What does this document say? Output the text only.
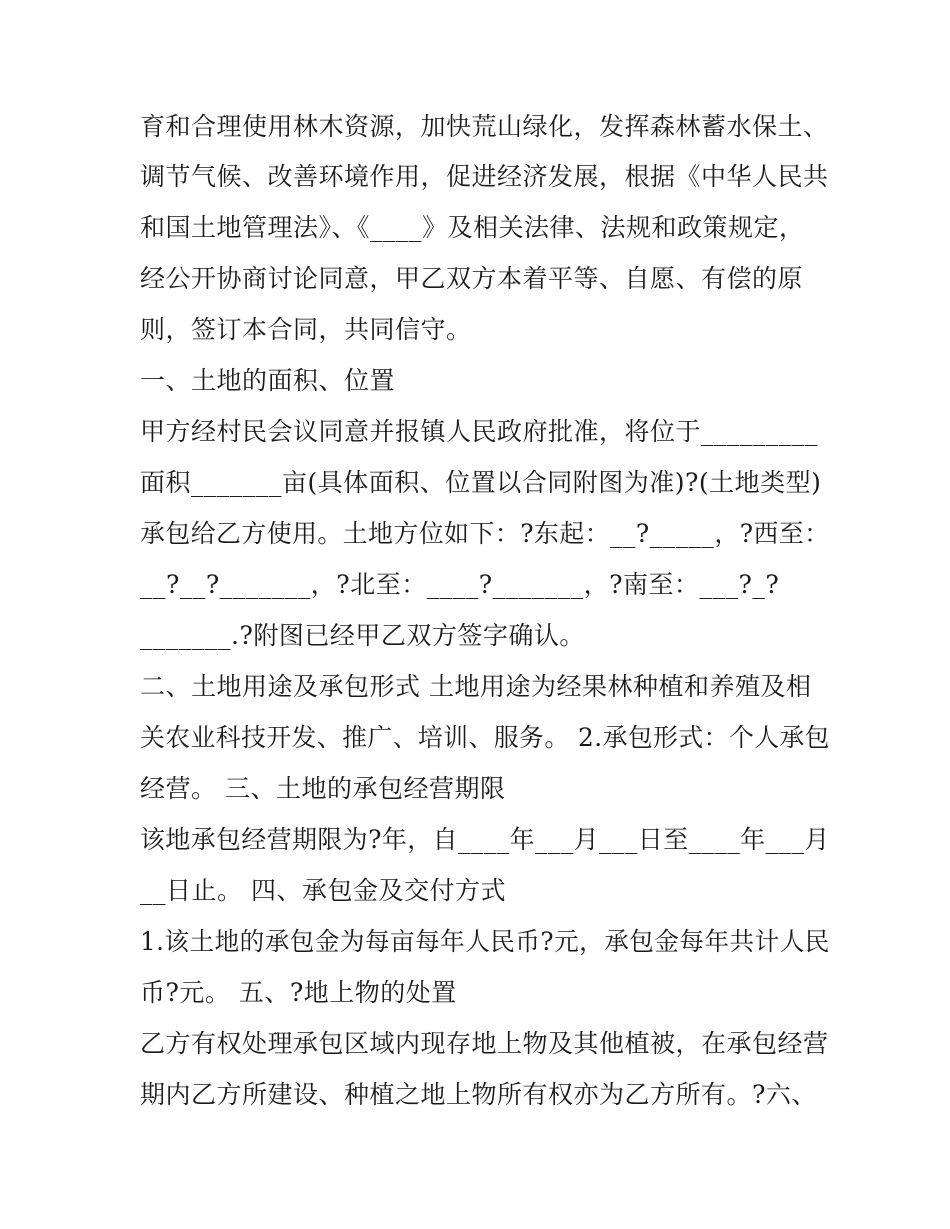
育和合理使用林木资源，加快荒山绿化，发挥森林蓄水保土、
调节气候、改善环境作用，促进经济发展，根据《中华人民共
和国土地管理法》、《____》及相关法律、法规和政策规定，
经公开协商讨论同意，甲乙双方本着平等、自愿、有偿的原
则，签订本合同，共同信守。
一、土地的面积、位置
甲方经村民会议同意并报镇人民政府批准，将位于_________
面积_______亩(具体面积、位置以合同附图为准)?(土地类型)
承包给乙方使用。土地方位如下：?东起：__?_____，?西至：
__?__?_______，?北至：____?_______，?南至：___?_?
_______.?附图已经甲乙双方签字确认。
二、土地用途及承包形式 土地用途为经果林种植和养殖及相
关农业科技开发、推广、培训、服务。 2.承包形式：个人承包
经营。 三、土地的承包经营期限
该地承包经营期限为?年，自____年___月___日至____年___月
__日止。 四、承包金及交付方式
1.该土地的承包金为每亩每年人民币?元，承包金每年共计人民
币?元。 五、?地上物的处置
乙方有权处理承包区域内现存地上物及其他植被，在承包经营
期内乙方所建设、种植之地上物所有权亦为乙方所有。?六、
